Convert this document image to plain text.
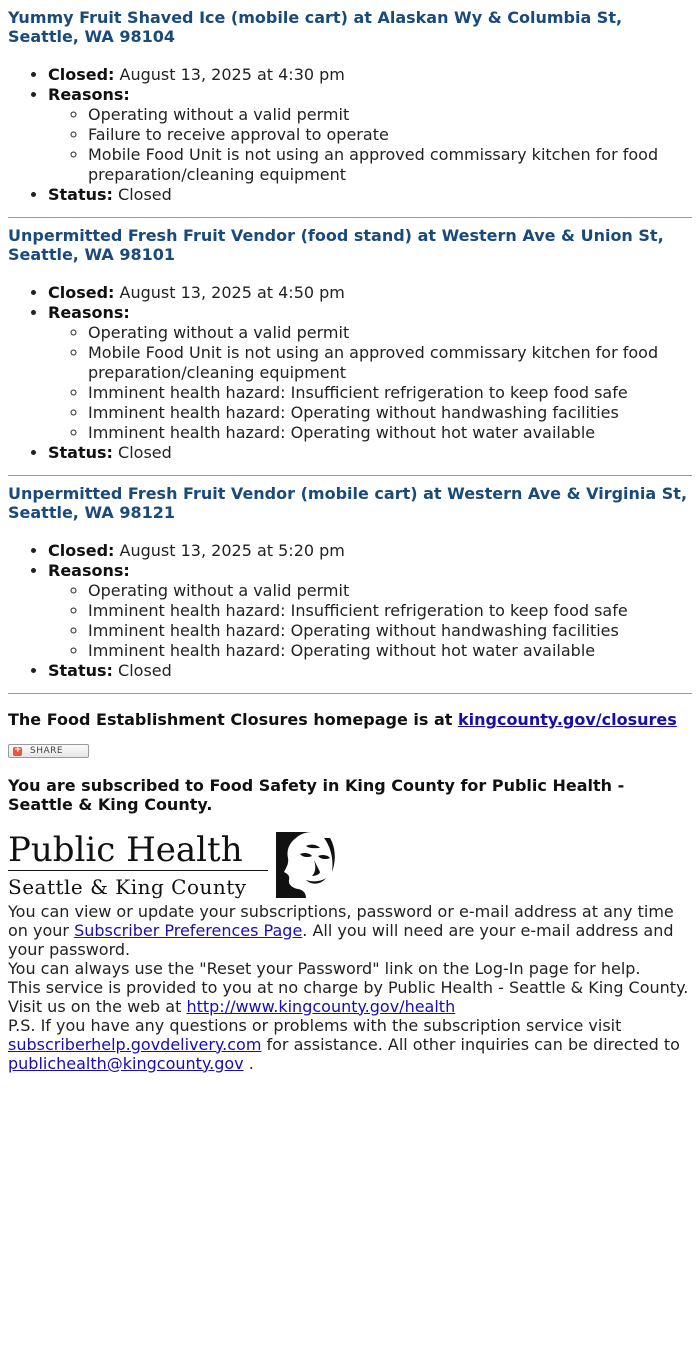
Yummy Fruit Shaved Ice (mobile cart) at Alaskan Wy & Columbia St, Seattle, WA 98104
• Closed: August 13, 2025 at 4:30 pm
• Reasons:
◦ Operating without a valid permit
◦ Failure to receive approval to operate
◦ Mobile Food Unit is not using an approved commissary kitchen for food preparation/cleaning equipment
• Status: Closed
Unpermitted Fresh Fruit Vendor (food stand) at Western Ave & Union St, Seattle, WA 98101
• Closed: August 13, 2025 at 4:50 pm
• Reasons:
◦ Operating without a valid permit
◦ Mobile Food Unit is not using an approved commissary kitchen for food preparation/cleaning equipment
◦ Imminent health hazard: Insufficient refrigeration to keep food safe
◦ Imminent health hazard: Operating without handwashing facilities
◦ Imminent health hazard: Operating without hot water available
• Status: Closed
Unpermitted Fresh Fruit Vendor (mobile cart) at Western Ave & Virginia St, Seattle, WA 98121
• Closed: August 13, 2025 at 5:20 pm
• Reasons:
◦ Operating without a valid permit
◦ Imminent health hazard: Insufficient refrigeration to keep food safe
◦ Imminent health hazard: Operating without handwashing facilities
◦ Imminent health hazard: Operating without hot water available
• Status: Closed
The Food Establishment Closures homepage is at kingcounty.gov/closures
+
SHARE
You are subscribed to Food Safety in King County for Public Health - Seattle & King County.
Public Health
Seattle & King County

You can view or update your subscriptions, password or e-mail address at any time on your Subscriber Preferences Page. All you will need are your e-mail address and your password.

You can always use the "Reset your Password" link on the Log-In page for help.

This service is provided to you at no charge by Public Health - Seattle & King County.

Visit us on the web at http://www.kingcounty.gov/health

P.S. If you have any questions or problems with the subscription service visit subscriberhelp.govdelivery.com for assistance. All other inquiries can be directed to publichealth@kingcounty.gov .
